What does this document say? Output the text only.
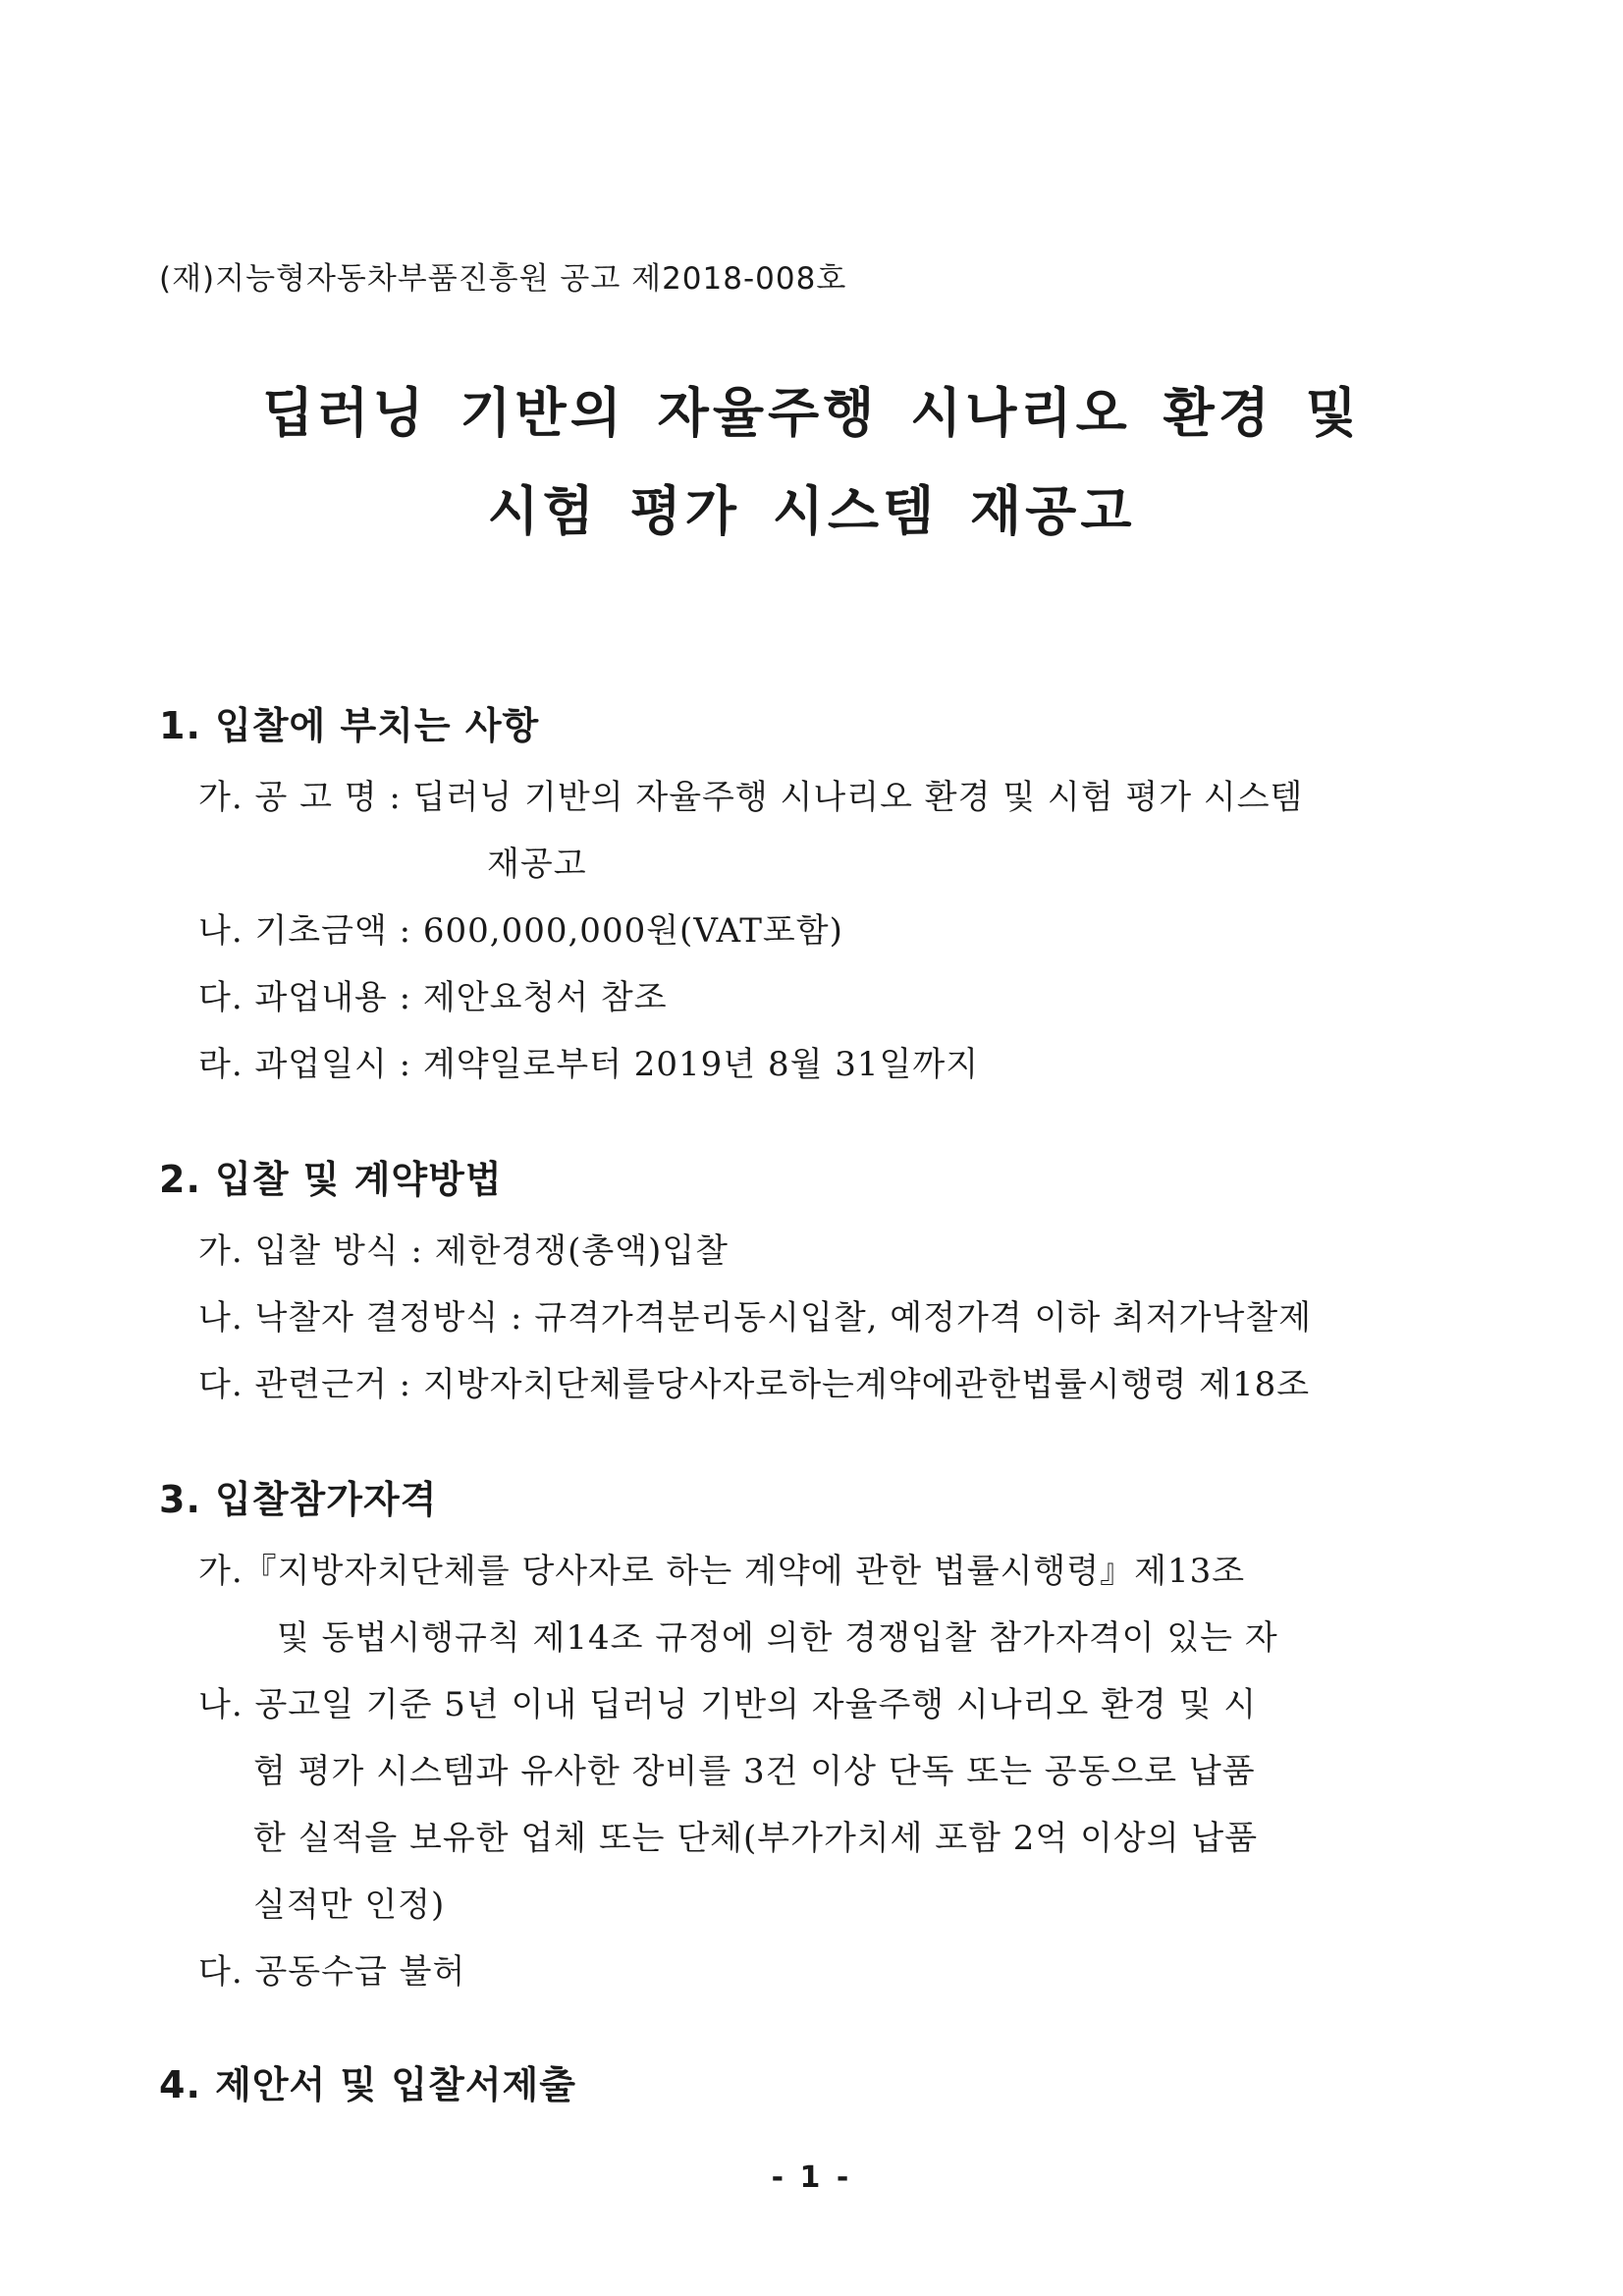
(재)지능형자동차부품진흥원 공고 제2018-008호
딥러닝 기반의 자율주행 시나리오 환경 및
시험 평가 시스템 재공고
1. 입찰에 부치는 사항
가. 공 고 명 : 딥러닝 기반의 자율주행 시나리오 환경 및 시험 평가 시스템
재공고
나. 기초금액 : 600,000,000원(VAT포함)
다. 과업내용 : 제안요청서 참조
라. 과업일시 : 계약일로부터 2019년 8월 31일까지
2. 입찰 및 계약방법
가. 입찰 방식 : 제한경쟁(총액)입찰
나. 낙찰자 결정방식 : 규격가격분리동시입찰, 예정가격 이하 최저가낙찰제
다. 관련근거 : 지방자치단체를당사자로하는계약에관한법률시행령 제18조
3. 입찰참가자격
가.『지방자치단체를 당사자로 하는 계약에 관한 법률시행령』제13조
및 동법시행규칙 제14조 규정에 의한 경쟁입찰 참가자격이 있는 자
나. 공고일 기준 5년 이내 딥러닝 기반의 자율주행 시나리오 환경 및 시
험 평가 시스템과 유사한 장비를 3건 이상 단독 또는 공동으로 납품
한 실적을 보유한 업체 또는 단체(부가가치세 포함 2억 이상의 납품
실적만 인정)
다. 공동수급 불허
4. 제안서 및 입찰서제출
- 1 -
